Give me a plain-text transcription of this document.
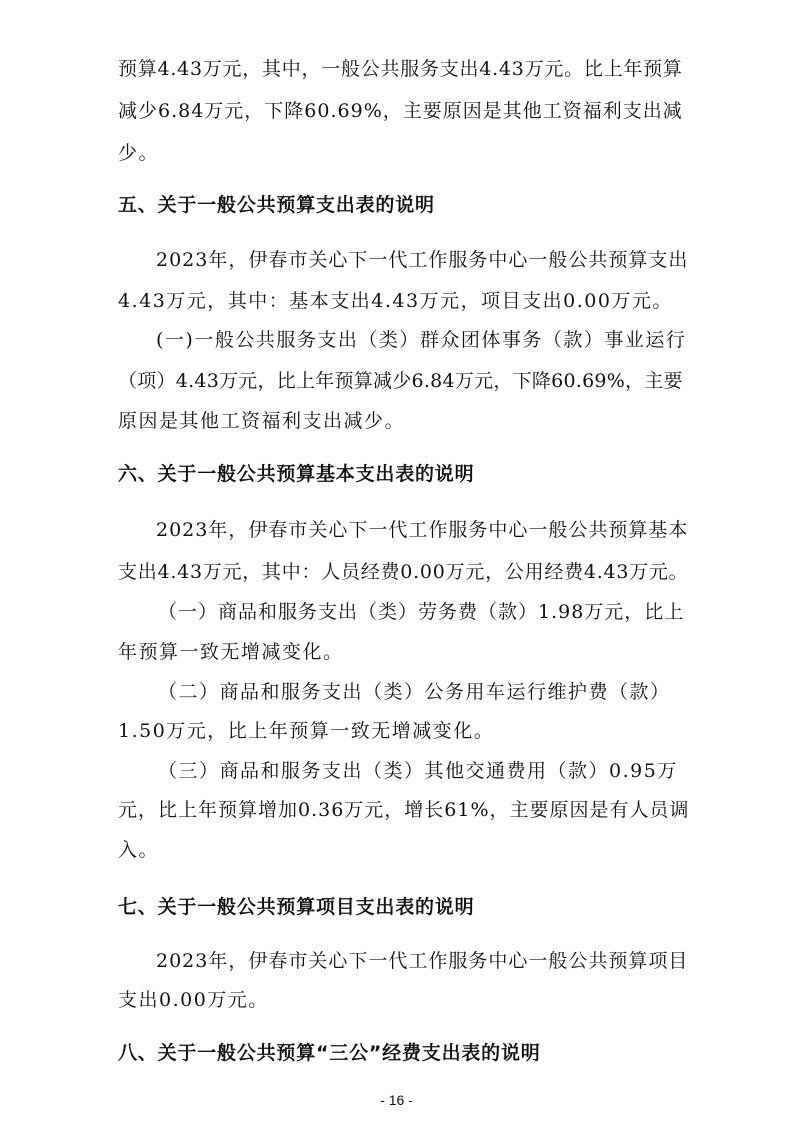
预算4.43万元，其中，一般公共服务支出4.43万元。比上年预算
减少6.84万元，下降60.69%，主要原因是其他工资福利支出减
少。
五、关于一般公共预算支出表的说明
2023年，伊春市关心下一代工作服务中心一般公共预算支出
4.43万元，其中：基本支出4.43万元，项目支出0.00万元。
(一)一般公共服务支出（类）群众团体事务（款）事业运行
（项）4.43万元，比上年预算减少6.84万元，下降60.69%，主要
原因是其他工资福利支出减少。
六、关于一般公共预算基本支出表的说明
2023年，伊春市关心下一代工作服务中心一般公共预算基本
支出4.43万元，其中：人员经费0.00万元，公用经费4.43万元。
（一）商品和服务支出（类）劳务费（款）1.98万元，比上
年预算一致无增减变化。
（二）商品和服务支出（类）公务用车运行维护费（款）
1.50万元，比上年预算一致无增减变化。
（三）商品和服务支出（类）其他交通费用（款）0.95万
元，比上年预算增加0.36万元，增长61%，主要原因是有人员调
入。
七、关于一般公共预算项目支出表的说明
2023年，伊春市关心下一代工作服务中心一般公共预算项目
支出0.00万元。
八、关于一般公共预算“三公”经费支出表的说明
- 16 -
